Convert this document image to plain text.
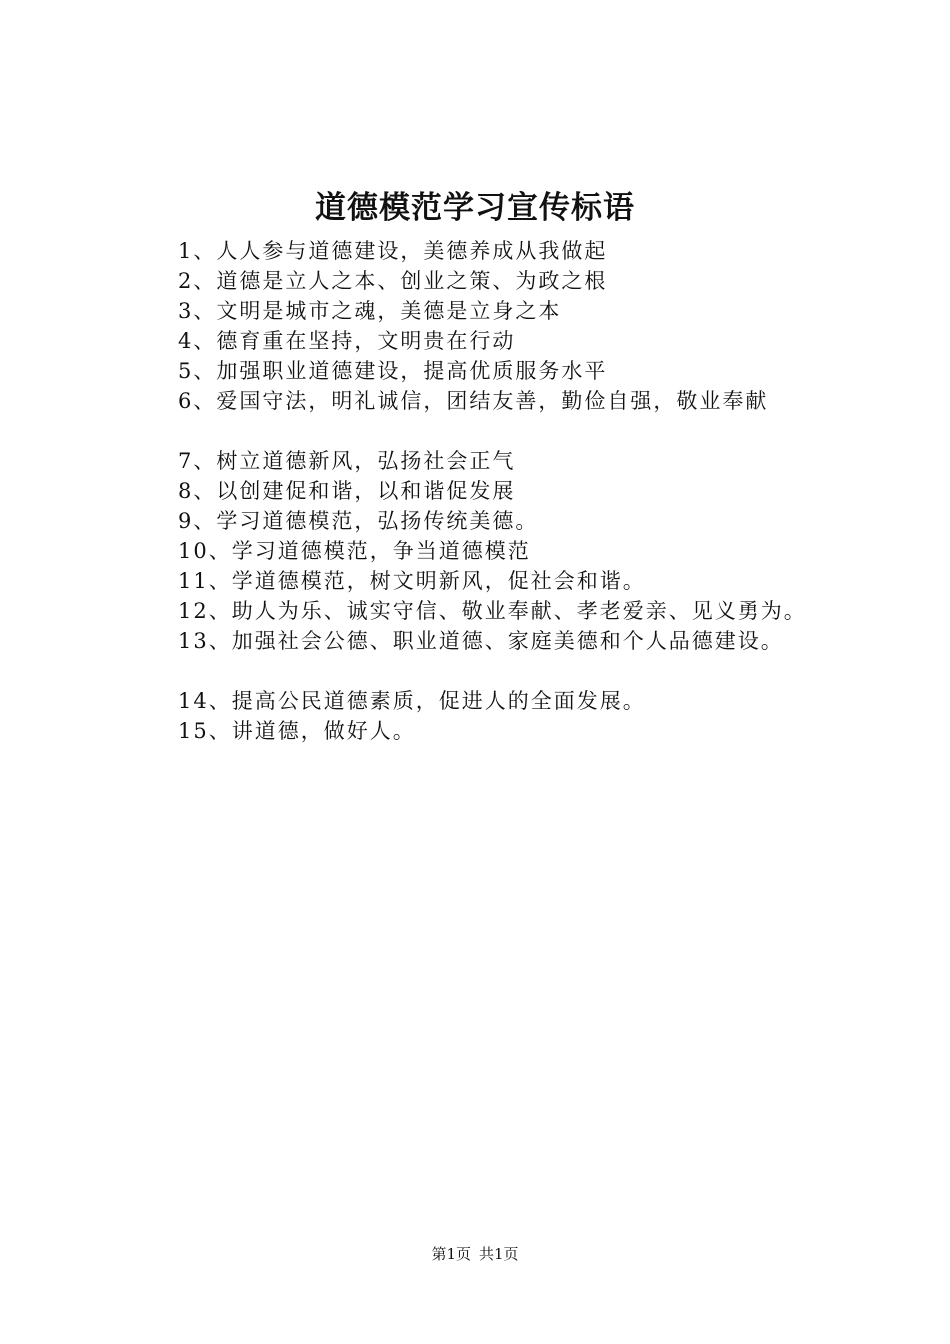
道德模范学习宣传标语

1、人人参与道德建设，美德养成从我做起

2、道德是立人之本、创业之策、为政之根

3、文明是城市之魂，美德是立身之本

4、德育重在坚持，文明贵在行动

5、加强职业道德建设，提高优质服务水平

6、爱国守法，明礼诚信，团结友善，勤俭自强，敬业奉献

7、树立道德新风，弘扬社会正气

8、以创建促和谐，以和谐促发展

9、学习道德模范，弘扬传统美德。

10、学习道德模范，争当道德模范

11、学道德模范，树文明新风，促社会和谐。

12、助人为乐、诚实守信、敬业奉献、孝老爱亲、见义勇为。

13、加强社会公德、职业道德、家庭美德和个人品德建设。

14、提高公民道德素质，促进人的全面发展。

15、讲道德，做好人。

第1页 共1页
